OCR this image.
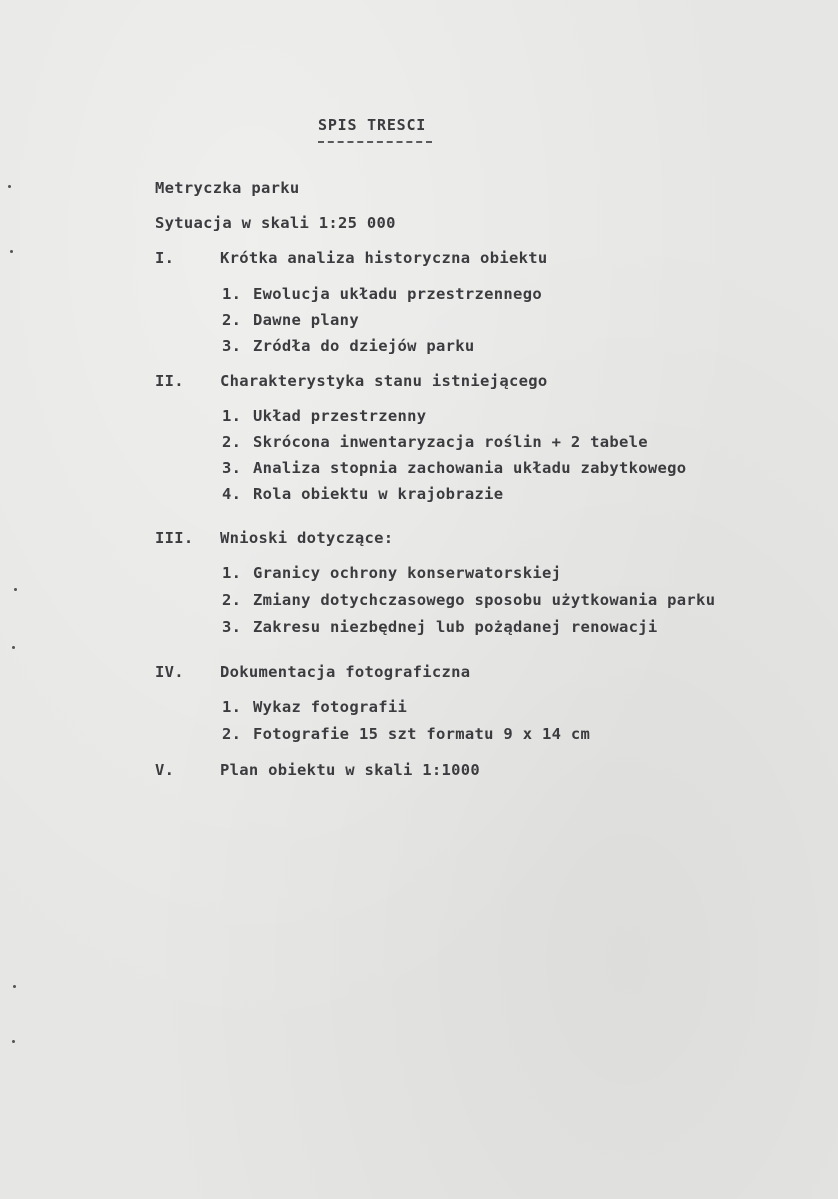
SPIS TRESCI
Metryczka parku
Sytuacja w skali 1:25 000
I.	Krótka analiza historyczna obiektu
1. Ewolucja układu przestrzennego
2. Dawne plany
3. Zródła do dziejów parku
II. Charakterystyka stanu istniejącego
1. Układ przestrzenny
2. Skrócona inwentaryzacja roślin + 2 tabele
3. Analiza stopnia zachowania układu zabytkowego
4. Rola obiektu w krajobrazie
III. Wnioski dotyczące:
1. Granicy ochrony konserwatorskiej
2. Zmiany dotychczasowego sposobu użytkowania parku
3. Zakresu niezbędnej lub pożądanej renowacji
IV. Dokumentacja fotograficzna
1. Wykaz fotografii
2. Fotografie 15 szt formatu 9 x 14 cm
V.	Plan obiektu w skali 1:1000
